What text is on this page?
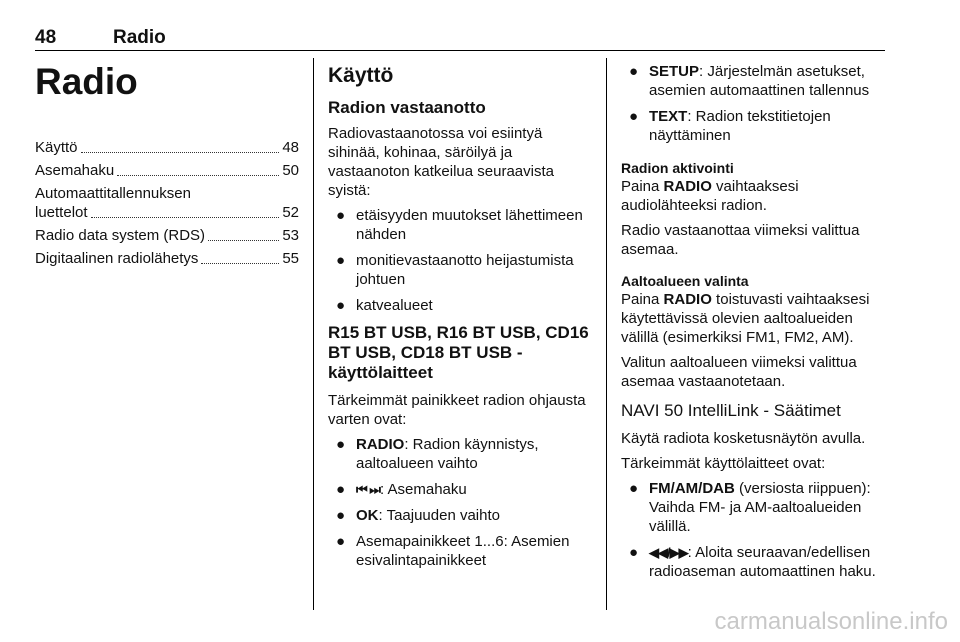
48	Radio
Radio
Käyttö	48
Asemahaku	50
Automaattitallennuksen
luettelot	52
Radio data system (RDS)	53
Digitaalinen radiolähetys	55
Käyttö
Radion vastaanotto

Radiovastaanotossa voi esiintyä sihinää, kohinaa, säröilyä ja vastaanoton katkeilua seuraavista syistä:

● etäisyyden muutokset lähettimeen nähden
● monitievastaanotto heijastumista johtuen
● katvealueet
R15 BT USB, R16 BT USB, CD16 BT USB, CD18 BT USB - käyttölaitteet

Tärkeimmät painikkeet radion ohjausta varten ovat:

● RADIO: Radion käynnistys, aaltoalueen vaihto
● ⏮ ⏭: Asemahaku
● OK: Taajuuden vaihto
● Asemapainikkeet 1...6: Asemien esivalintapainikkeet
● SETUP: Järjestelmän asetukset, asemien automaattinen tallennus
● TEXT: Radion tekstitietojen näyttäminen
Radion aktivointi

Paina RADIO vaihtaaksesi audiolähteeksi radion.

Radio vastaanottaa viimeksi valittua asemaa.

Aaltoalueen valinta

Paina RADIO toistuvasti vaihtaaksesi käytettävissä olevien aaltoalueiden välillä (esimerkiksi FM1, FM2, AM).

Valitun aaltoalueen viimeksi valittua asemaa vastaanotetaan.

NAVI 50 IntelliLink - Säätimet

Käytä radiota kosketusnäytön avulla.

Tärkeimmät käyttölaitteet ovat:

● FM/AM/DAB (versiosta riippuen): Vaihda FM- ja AM-aaltoalueiden välillä.
● ◀◀/▶▶: Aloita seuraavan/edellisen radioaseman automaattinen haku.
carmanualsonline.info
